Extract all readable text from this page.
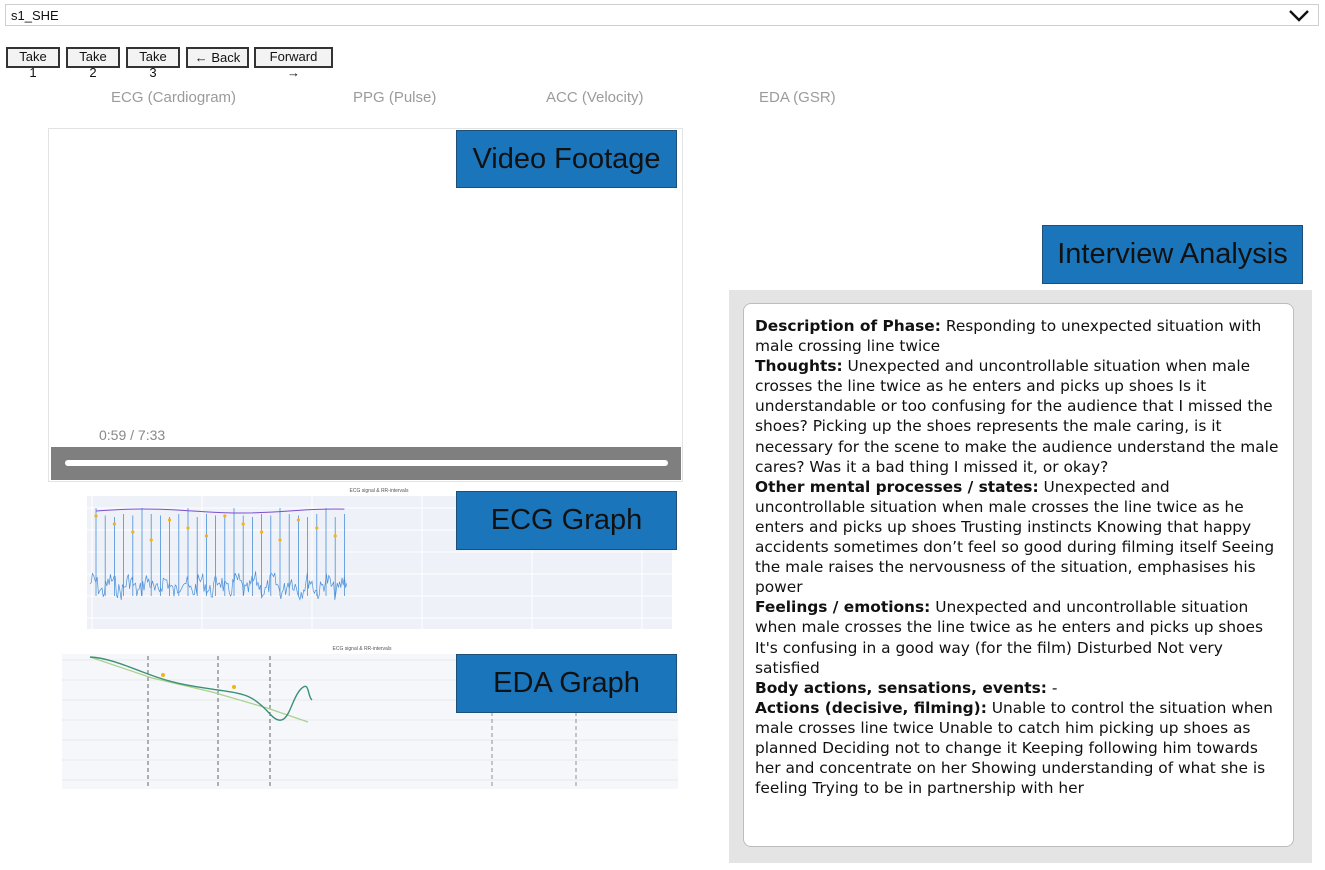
s1_SHE
Take 1
Take 2
Take 3
← Back	Forward →
ECG (Cardiogram)	PPG (Pulse)	ACC (Velocity)	EDA (GSR)
0:59 / 7:33
ECG signal & RR-intervals
ECG signal & RR-intervals
Video Footage
ECG Graph
EDA Graph
Interview Analysis
Description of Phase: Responding to unexpected situation with male crossing line twice
Thoughts: Unexpected and uncontrollable situation when male crosses the line twice as he enters and picks up shoes Is it understandable or too confusing for the audience that I missed the shoes? Picking up the shoes represents the male caring, is it necessary for the scene to make the audience understand the male cares? Was it a bad thing I missed it, or okay?
Other mental processes / states: Unexpected and uncontrollable situation when male crosses the line twice as he enters and picks up shoes Trusting instincts Knowing that happy accidents sometimes don’t feel so good during filming itself Seeing the male raises the nervousness of the situation, emphasises his power
Feelings / emotions: Unexpected and uncontrollable situation when male crosses the line twice as he enters and picks up shoes It's confusing in a good way (for the film) Disturbed Not very satisfied
Body actions, sensations, events: -
Actions (decisive, filming): Unable to control the situation when male crosses line twice Unable to catch him picking up shoes as planned Deciding not to change it Keeping following him towards her and concentrate on her Showing understanding of what she is feeling Trying to be in partnership with her
